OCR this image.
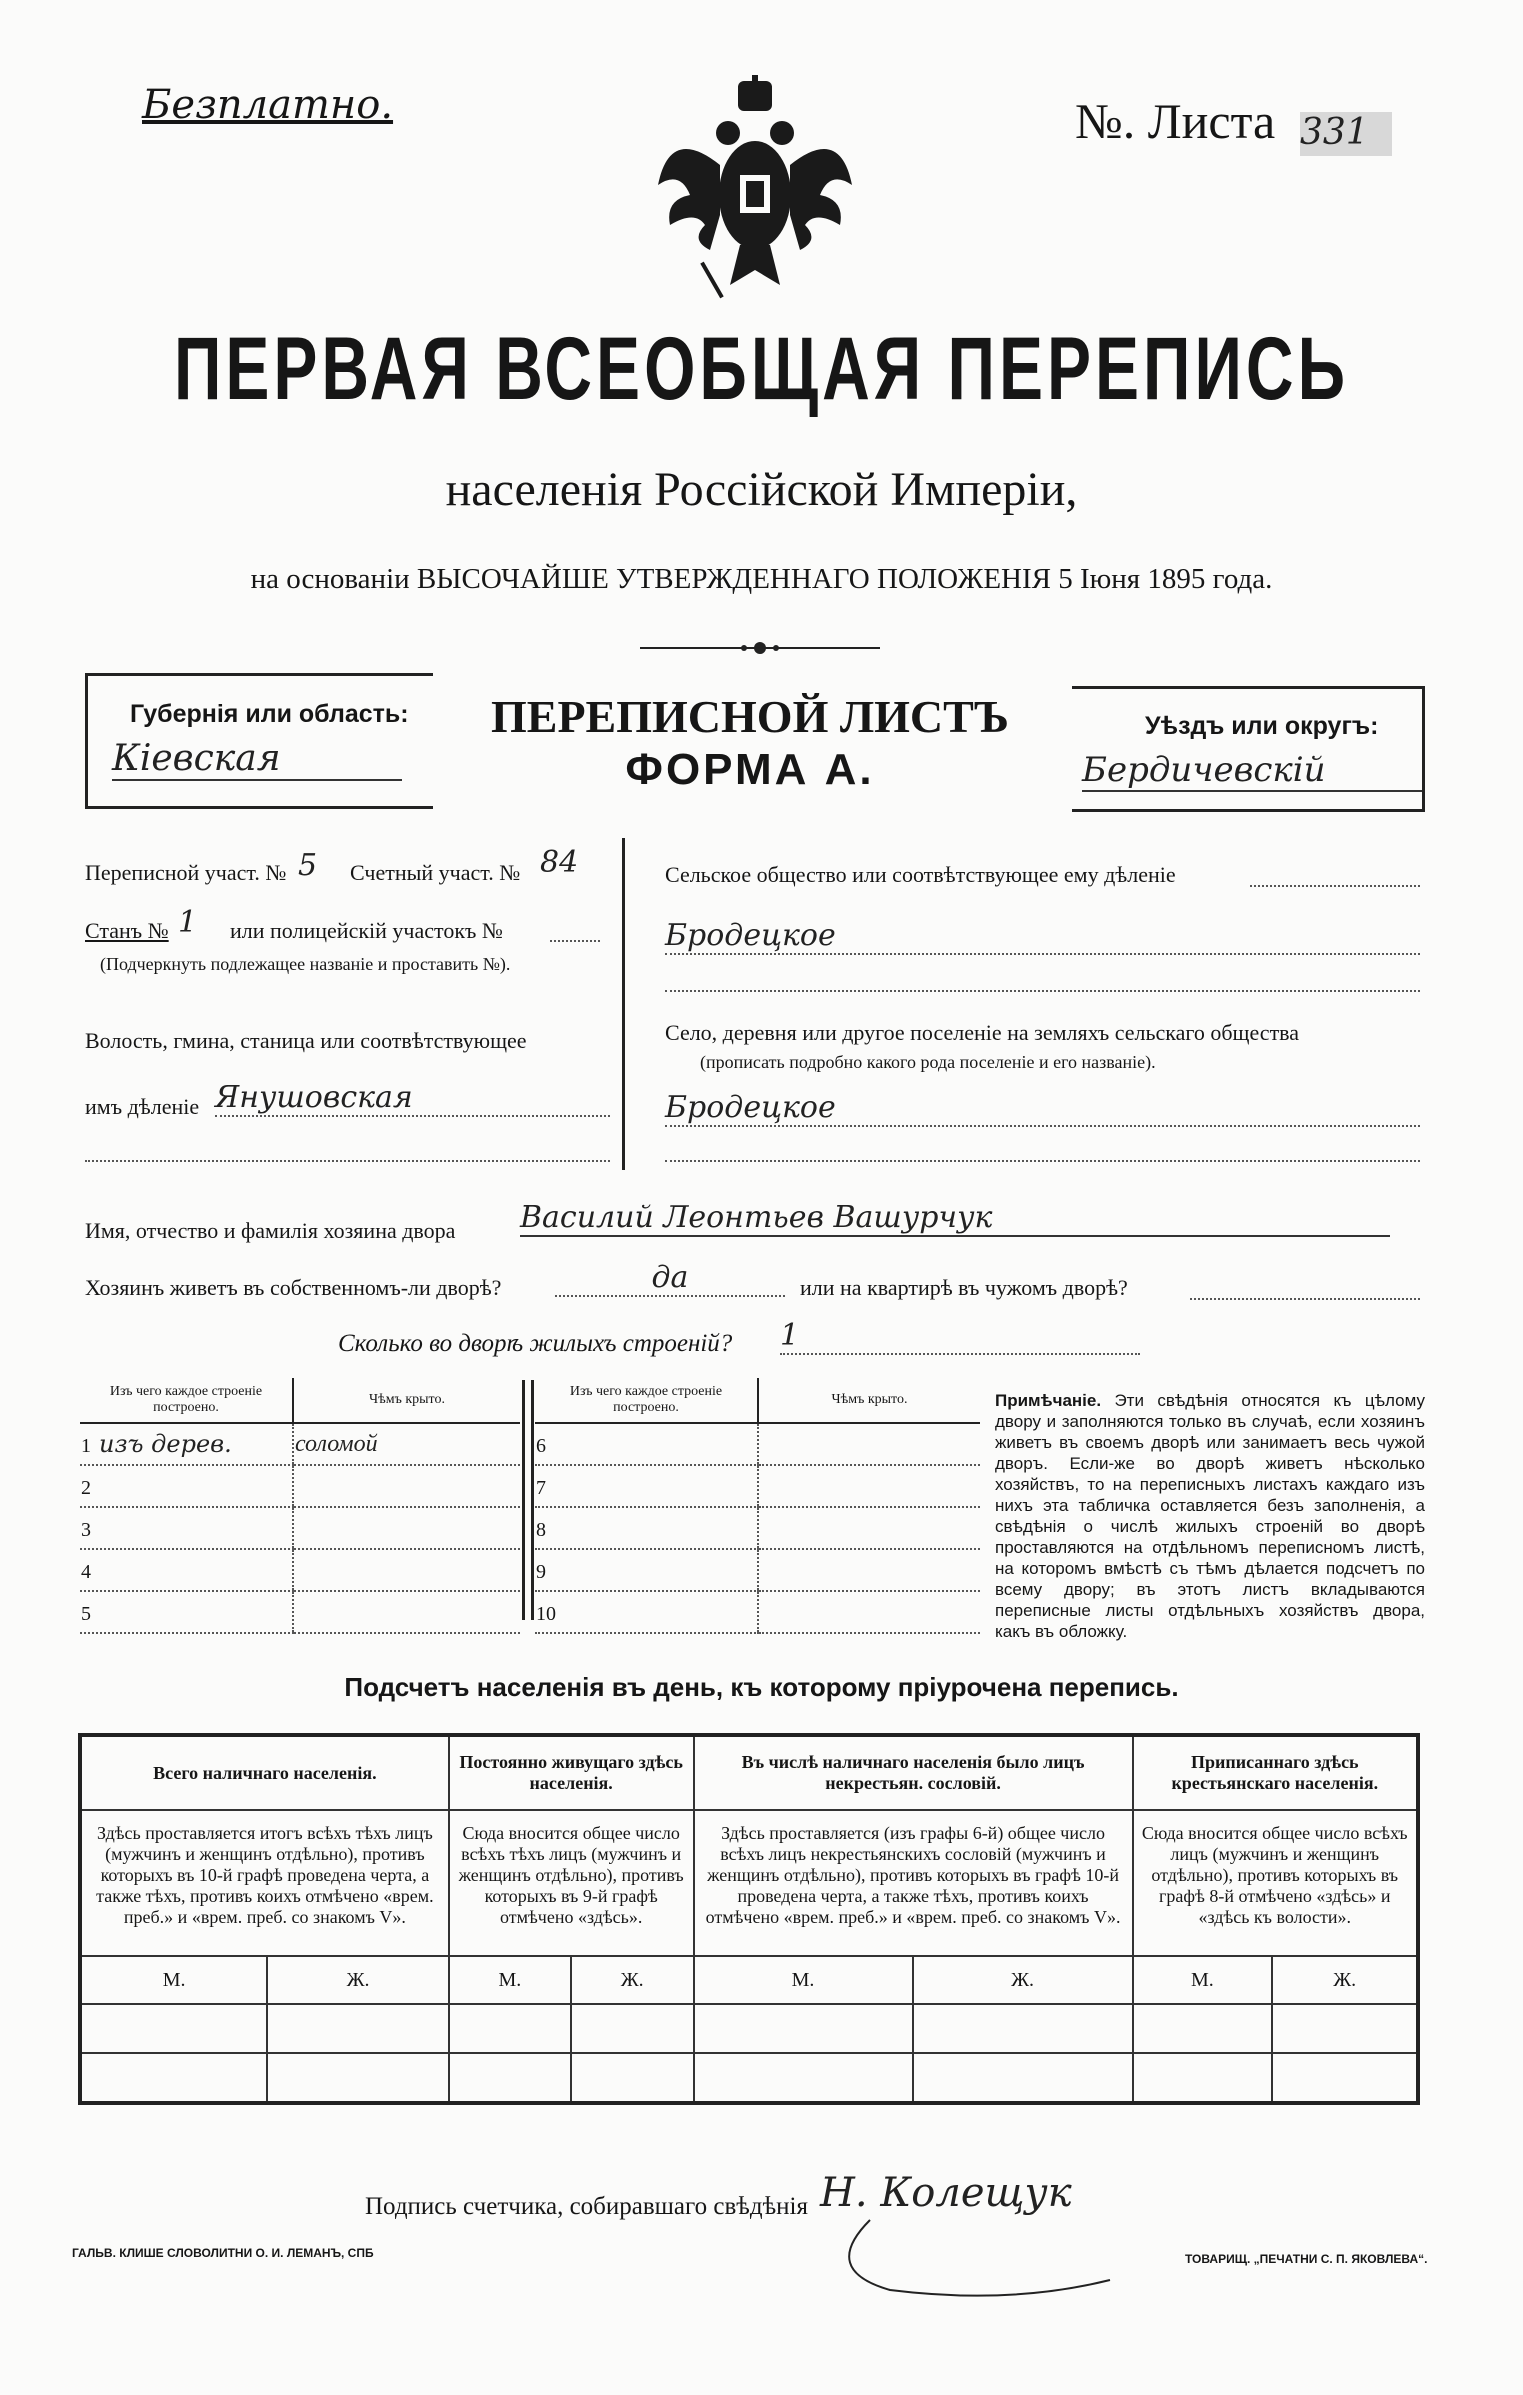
Безплатно.	№. Листа 331
ПЕРВАЯ ВСЕОБЩАЯ ПЕРЕПИСЬ
населенія Россійской Имперіи,
на основаніи ВЫСОЧАЙШЕ УТВЕРЖДЕННАГО ПОЛОЖЕНІЯ 5 Іюня 1895 года.
Губернія или область:
Кіевская
ПЕРЕПИСНОЙ ЛИСТЪ
ФОРМА А.
Уѣздъ или округъ:
Бердичевскій
Переписной участ. № 5	Счетный участ. № 84
Станъ № 1	или полицейскій участокъ №
(Подчеркнуть подлежащее названіе и проставить №).
Волость, гмина, станица или соотвѣтствующее
имъ дѣленіе Янушовская
Сельское общество или соотвѣтствующее ему дѣленіе
Бродецкое
Село, деревня или другое поселеніе на земляхъ сельскаго общества
(прописать подробно какого рода поселеніе и его названіе).
Бродецкое
Имя, отчество и фамилія хозяина двора Василий Леонтьев Вашурчук
Хозяинъ живетъ въ собственномъ-ли дворѣ?	да	или на квартирѣ въ чужомъ дворѣ?
Сколько во дворѣ жилыхъ строеній? 1
Изъ чего каждое строеніе построено.	Чѣмъ крыто.
1 изъ дерев.	соломой
2	
3	
4	
5	
Изъ чего каждое строеніе построено.	Чѣмъ крыто.
6	
7	
8	
9	
10	
Примѣчаніе. Эти свѣдѣнія относятся къ цѣлому двору и заполняются только въ случаѣ, если хозяинъ живетъ въ своемъ дворѣ или занимаетъ весь чужой дворъ. Если-же во дворѣ живетъ нѣсколько хозяйствъ, то на переписныхъ листахъ каждаго изъ нихъ эта табличка оставляется безъ заполненія, а свѣдѣнія о числѣ жилыхъ строеній во дворѣ проставляются на отдѣльномъ переписномъ листѣ, на которомъ вмѣстѣ съ тѣмъ дѣлается подсчетъ по всему двору; въ этотъ листъ вкладываются переписные листы отдѣльныхъ хозяйствъ двора, какъ въ обложку.
Подсчетъ населенія въ день, къ которому пріурочена перепись.
Всего наличнаго населенія.		Постоянно живущаго здѣсь населенія.		Въ числѣ наличнаго населенія было лицъ некрестьян. сословій.		Приписаннаго здѣсь крестьянскаго населенія.	
Здѣсь проставляется итогъ всѣхъ тѣхъ лицъ (мужчинъ и женщинъ отдѣльно), противъ которыхъ въ 10-й графѣ проведена черта, а также тѣхъ, противъ коихъ отмѣчено «врем. преб.» и «врем. преб. со знакомъ V».		Сюда вносится общее число всѣхъ тѣхъ лицъ (мужчинъ и женщинъ отдѣльно), противъ которыхъ въ 9-й графѣ отмѣчено «здѣсь».		Здѣсь проставляется (изъ графы 6-й) общее число всѣхъ лицъ некрестьянскихъ сословій (мужчинъ и женщинъ отдѣльно), противъ которыхъ въ графѣ 10-й проведена черта, а также тѣхъ, противъ коихъ отмѣчено «врем. преб.» и «врем. преб. со знакомъ V».		Сюда вносится общее число всѣхъ лицъ (мужчинъ и женщинъ отдѣльно), противъ которыхъ въ графѣ 8-й отмѣчено «здѣсь» и «здѣсь къ волости».	
М.	Ж.	М.	Ж.	М.	Ж.	М.	Ж.

Подпись счетчика, собиравшаго свѣдѣнія Н. Колещук
ГАЛЬВ. КЛИШЕ СЛОВОЛИТНИ О. И. ЛЕМАНЪ, СПБ	ТОВАРИЩ. „ПЕЧАТНИ С. П. ЯКОВЛЕВА“.
